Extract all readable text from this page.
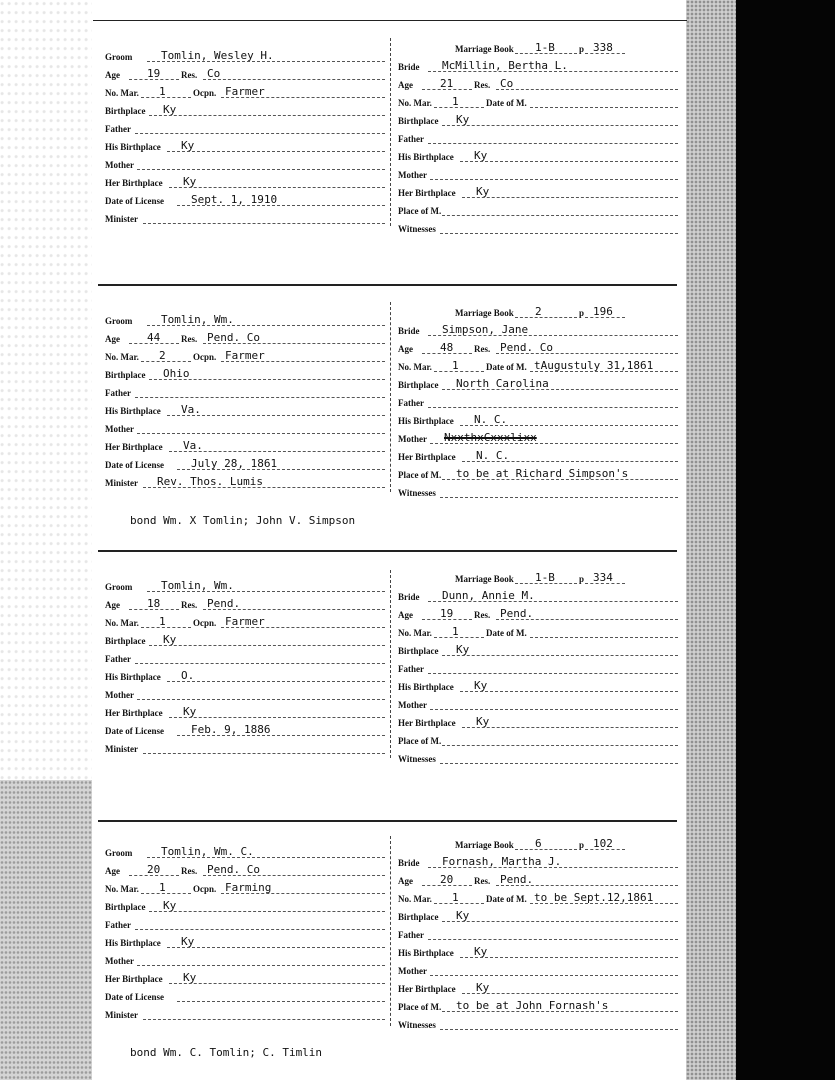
Groom	Tomlin, Wesley H.
Age 19 Res. Co
No. Mar. 1	Ocpn. Farmer
Birthplace Ky
Father
His Birthplace Ky
Mother
Her Birthplace Ky
Date of License Sept. 1, 1910
Minister
Marriage Book 1-B	p 338
Bride McMillin, Bertha L.
Age 21 Res. Co
No. Mar. 1	Date of M.
Birthplace Ky
Father
His Birthplace Ky
Mother
Her Birthplace Ky
Place of M.
Witnesses
Groom	Tomlin, Wm.
Age 44 Res. Pend. Co
No. Mar. 2	Ocpn. Farmer
Birthplace Ohio
Father
His Birthplace Va.
Mother
Her Birthplace Va.
Date of License July 28, 1861
Minister Rev. Thos. Lumis
Marriage Book 2	p 196
Bride Simpson, Jane
Age 48 Res. Pend. Co
No. Mar. 1	Date of M. tAugustuly 31,1861
Birthplace North Carolina
Father
His Birthplace N. C.
Mother NxxthxCxxxlixx
Her Birthplace N. C.
Place of M. to be at Richard Simpson's
Witnesses
bond Wm. X Tomlin; John V. Simpson
Groom	Tomlin, Wm.
Age 18 Res. Pend.
No. Mar. 1	Ocpn. Farmer
Birthplace Ky
Father
His Birthplace O.
Mother
Her Birthplace Ky
Date of License Feb. 9, 1886
Minister
Marriage Book 1-B	p 334
Bride Dunn, Annie M.
Age 19 Res. Pend.
No. Mar. 1	Date of M.
Birthplace Ky
Father
His Birthplace Ky
Mother
Her Birthplace Ky
Place of M.
Witnesses
Groom	Tomlin, Wm. C.
Age 20 Res. Pend. Co
No. Mar. 1	Ocpn. Farming
Birthplace Ky
Father
His Birthplace Ky
Mother
Her Birthplace Ky
Date of License
Minister
Marriage Book 6	p 102
Bride Fornash, Martha J.
Age 20 Res. Pend.
No. Mar. 1	Date of M. to be Sept.12,1861
Birthplace Ky
Father
His Birthplace Ky
Mother
Her Birthplace Ky
Place of M. to be at John Fornash's
Witnesses
bond Wm. C. Tomlin; C. Timlin
